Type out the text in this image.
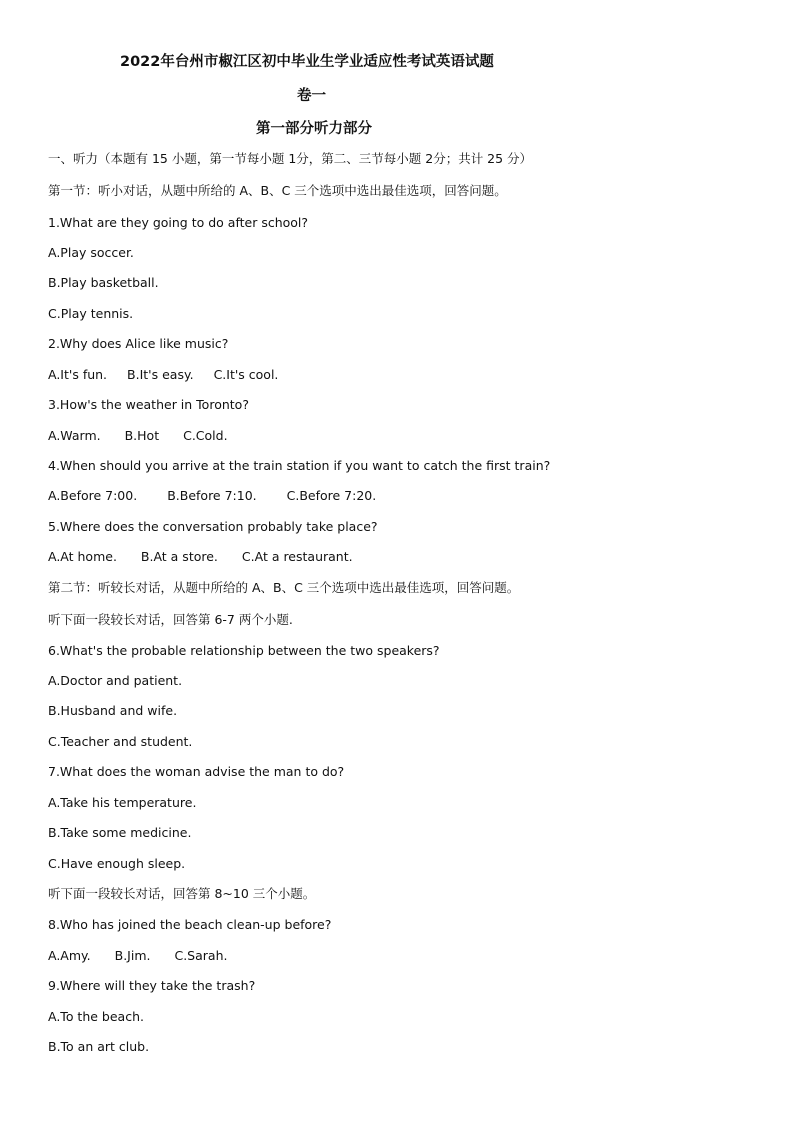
2022年台州市椒江区初中毕业生学业适应性考试英语试题
卷一
第一部分听力部分
一、听力（本题有 15 小题，第一节每小题 1分，第二、三节每小题 2分；共计 25 分）
第一节：听小对话，从题中所给的 A、B、C 三个选项中选出最佳选项，回答问题。
1.What are they going to do after school?
A.Play soccer.
B.Play basketball.
C.Play tennis.
2.Why does Alice like music?
A.It's fun. B.It's easy. C.It's cool.
3.How's the weather in Toronto?
A.Warm. B.Hot C.Cold.
4.When should you arrive at the train station if you want to catch the first train?
A.Before 7:00. B.Before 7:10. C.Before 7:20.
5.Where does the conversation probably take place?
A.At home. B.At a store. C.At a restaurant.
第二节：听较长对话，从题中所给的 A、B、C 三个选项中选出最佳选项，回答问题。
听下面一段较长对话，回答第 6-7 两个小题.
6.What's the probable relationship between the two speakers?
A.Doctor and patient.
B.Husband and wife.
C.Teacher and student.
7.What does the woman advise the man to do?
A.Take his temperature.
B.Take some medicine.
C.Have enough sleep.
听下面一段较长对话，回答第 8~10 三个小题。
8.Who has joined the beach clean-up before?
A.Amy. B.Jim. C.Sarah.
9.Where will they take the trash?
A.To the beach.
B.To an art club.
